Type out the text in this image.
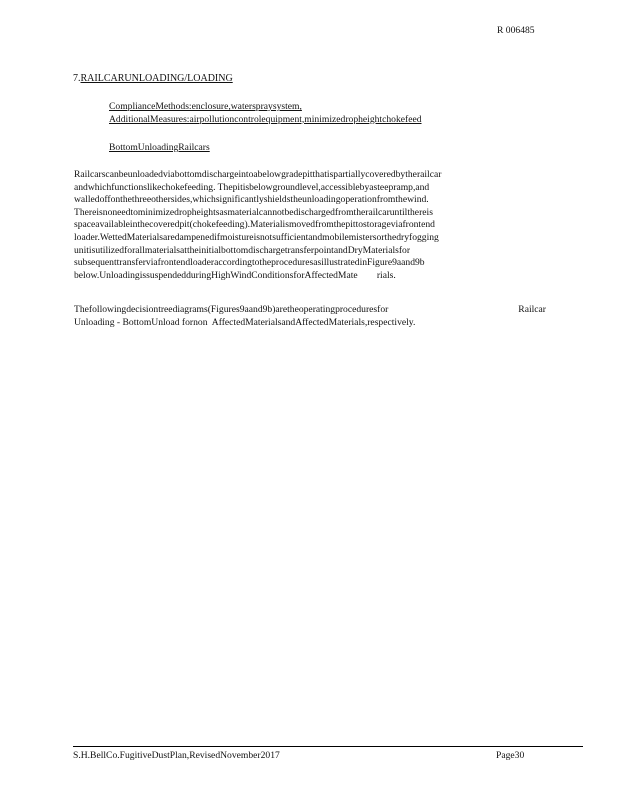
R 006485
7.RAILCARUNLOADING/LOADING
ComplianceMethods:enclosure,waterspraysystem,
AdditionalMeasures:airpollutioncontrolequipment,minimizedropheightchokefeed
BottomUnloadingRailcars
Railcarscanbeunloadedviabottomdischargeintoabelowgradepitthatispartiallycoveredbytherailcar
andwhichfunctionslikechokefeeding. Thepitisbelowgroundlevel,accessiblebyasteepramp,and
walledoffonthethreeothersides,whichsignificantlyshieldstheunloadingoperationfromthewind.
Thereisnoneedtominimizedropheightsasmaterialcannotbedischargedfromtherailcaruntilthereis
spaceavailableinthecoveredpit(chokefeeding).Materialismovedfromthepittostorageviafrontend
loader.WettedMaterialsaredampenedifmoistureisnotsufficientandmobilemistersorthedryfogging
unitisutilizedforallmaterialsattheinitialbottomdischargetransferpointandDryMaterialsfor
subsequenttransferviafrontendloaderaccordingtotheproceduresasillustratedinFigure9aand9b
below.UnloadingissuspendedduringHighWindConditionsforAffectedMate        rials.
Thefollowingdecisiontreediagrams(Figures9aand9b)aretheoperatingproceduresfor	Railcar
Unloading - BottomUnload fornon  AffectedMaterialsandAffectedMaterials,respectively.
S.H.BellCo.FugitiveDustPlan,RevisedNovember2017	Page30
